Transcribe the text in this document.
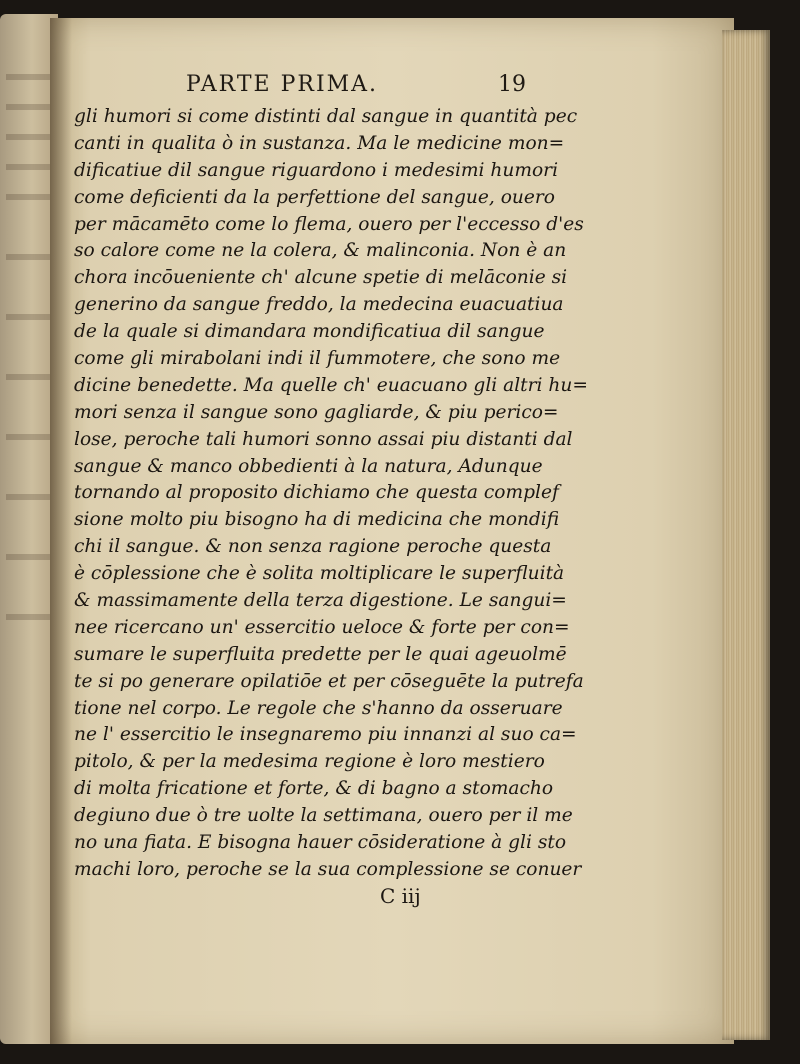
PARTE PRIMA.	19
gli humori si come distinti dal sangue in quantità pec
canti in qualita ò in sustanza. Ma le medicine mon=
dificatiue dil sangue riguardono i medesimi humori
come deficienti da la perfettione del sangue, ouero
per mācamēto come lo flema, ouero per l'eccesso d'es
so calore come ne la colera, & malinconia. Non è an
chora incōueniente ch' alcune spetie di melāconie si
generino da sangue freddo, la medecina euacuatiua
de la quale si dimandara mondificatiua dil sangue
come gli mirabolani indi il fummotere, che sono me
dicine benedette. Ma quelle ch' euacuano gli altri hu=
mori senza il sangue sono gagliarde, & piu perico=
lose, peroche tali humori sonno assai piu distanti dal
sangue & manco obbedienti à la natura, Adunque
tornando al proposito dichiamo che questa complef
sione molto piu bisogno ha di medicina che mondifi
chi il sangue. & non senza ragione peroche questa
è cōplessione che è solita moltiplicare le superfluità
& massimamente della terza digestione. Le sangui=
nee ricercano un' essercitio ueloce & forte per con=
sumare le superfluita predette per le quai ageuolmē
te si po generare opilatiōe et per cōseguēte la putrefa
tione nel corpo. Le regole che s'hanno da osseruare
ne l' essercitio le insegnaremo piu innanzi al suo ca=
pitolo, & per la medesima regione è loro mestiero
di molta fricatione et forte, & di bagno a stomacho
degiuno due ò tre uolte la settimana, ouero per il me
no una fiata. E bisogna hauer cōsideratione à gli sto
machi loro, peroche se la sua complessione se conuer
C iij
